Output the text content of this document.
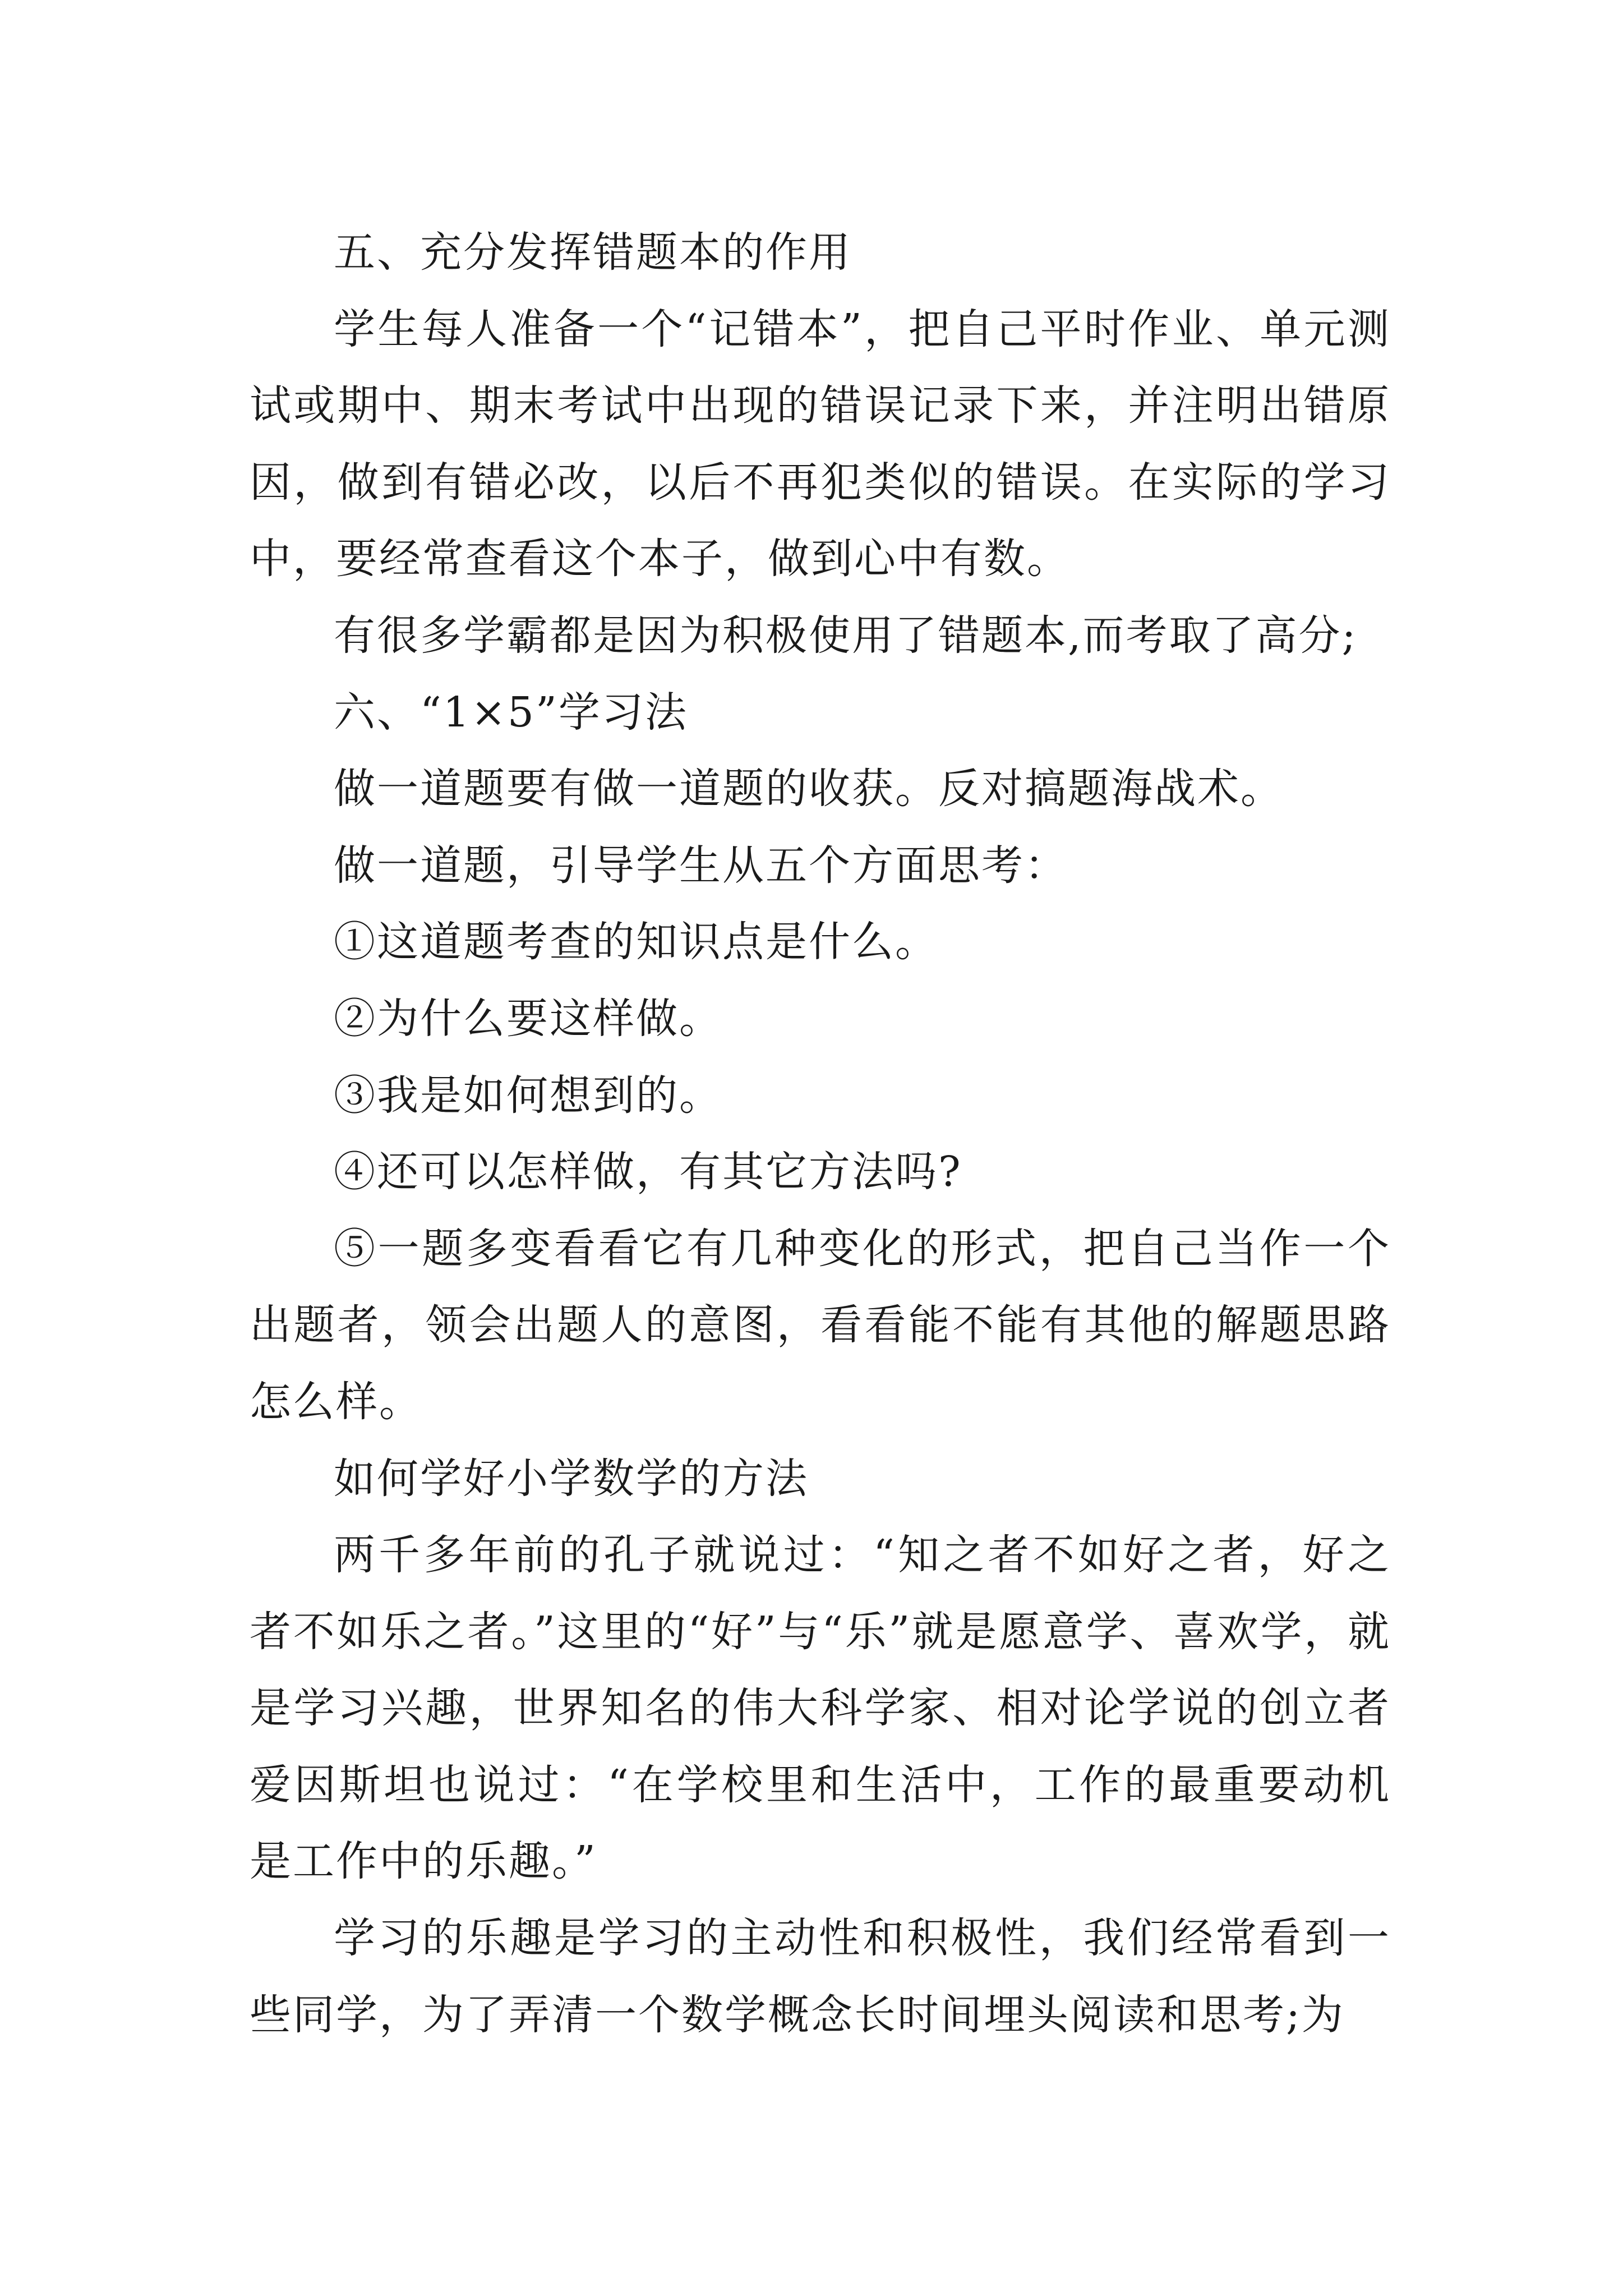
五、充分发挥错题本的作用

学生每人准备一个“记错本”，把自己平时作业、单元测试或期中、期末考试中出现的错误记录下来，并注明出错原因，做到有错必改，以后不再犯类似的错误。在实际的学习中，要经常查看这个本子，做到心中有数。

有很多学霸都是因为积极使用了错题本,而考取了高分;

六、“1×5”学习法

做一道题要有做一道题的收获。反对搞题海战术。

做一道题，引导学生从五个方面思考：

①这道题考查的知识点是什么。

②为什么要这样做。

③我是如何想到的。

④还可以怎样做，有其它方法吗?

⑤一题多变看看它有几种变化的形式，把自己当作一个出题者，领会出题人的意图，看看能不能有其他的解题思路怎么样。

如何学好小学数学的方法

两千多年前的孔子就说过：“知之者不如好之者，好之者不如乐之者。”这里的“好”与“乐”就是愿意学、喜欢学，就是学习兴趣，世界知名的伟大科学家、相对论学说的创立者爱因斯坦也说过：“在学校里和生活中，工作的最重要动机是工作中的乐趣。”

学习的乐趣是学习的主动性和积极性，我们经常看到一些同学，为了弄清一个数学概念长时间埋头阅读和思考;为
